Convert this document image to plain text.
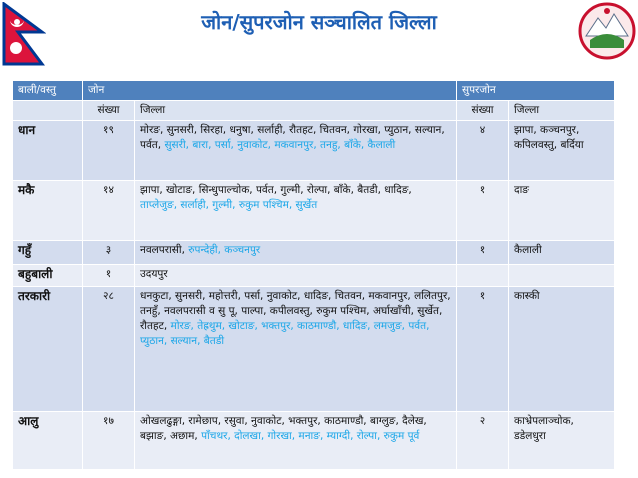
जोन/सुपरजोन सञ्चालित जिल्ला
बाली/वस्तु	जोन		सुपरजोन	
	संख्या	जिल्ला	संख्या	जिल्ला
धान	१९	मोरङ, सुनसरी, सिरहा, धनुषा, सर्लाही, रौतहट, चितवन, गोरखा, प्युठान, सल्यान, पर्वत, सुसरी, बारा, पर्सा, नुवाकोट, मकवानपुर, तनहु, बाँके, कैलाली	४	झापा, कञ्चनपुर, कपिलवस्तु, बर्दिया
मकै	१४	झापा, खोटाङ, सिन्धुपाल्चोक, पर्वत, गुल्मी, रोल्पा, बाँके, बैतडी, धादिङ, ताप्लेजुङ, सर्लाही, गुल्मी, रुकुम पश्चिम, सुर्खेत	१	दाङ
गहुँ	३	नवलपरासी, रुपन्देही, कञ्चनपुर	१	कैलाली
बहुबाली	१	उदयपुर		
तरकारी	२८	धनकुटा, सुनसरी, महोत्तरी, पर्सा, नुवाकोट, धादिङ, चितवन, मकवानपुर, ललितपुर, तनहुँ, नवलपरासी व सु पू, पाल्पा, कपीलवस्तु, रुकुम पश्चिम, अर्घाखाँची, सुर्खेत, रौतहट, मोरङ, तेह्रथुम, खोटाङ, भक्तपुर, काठमाण्डौ, धादिङ, लमजुङ, पर्वत, प्युठान, सल्यान, बैतडी	१	कास्की
आलु	१७	ओखलढुङ्गा, रामेछाप, रसुवा, नुवाकोट, भक्तपुर, काठमाण्डौ, बाग्लुङ, दैलेख, बझाङ, अछाम, पाँचथर, दोलखा, गोरखा, मनाङ, म्याग्दी, रोल्पा, रुकुम पूर्व	२	काभ्रेपलाञ्चोक, डडेलधुरा
